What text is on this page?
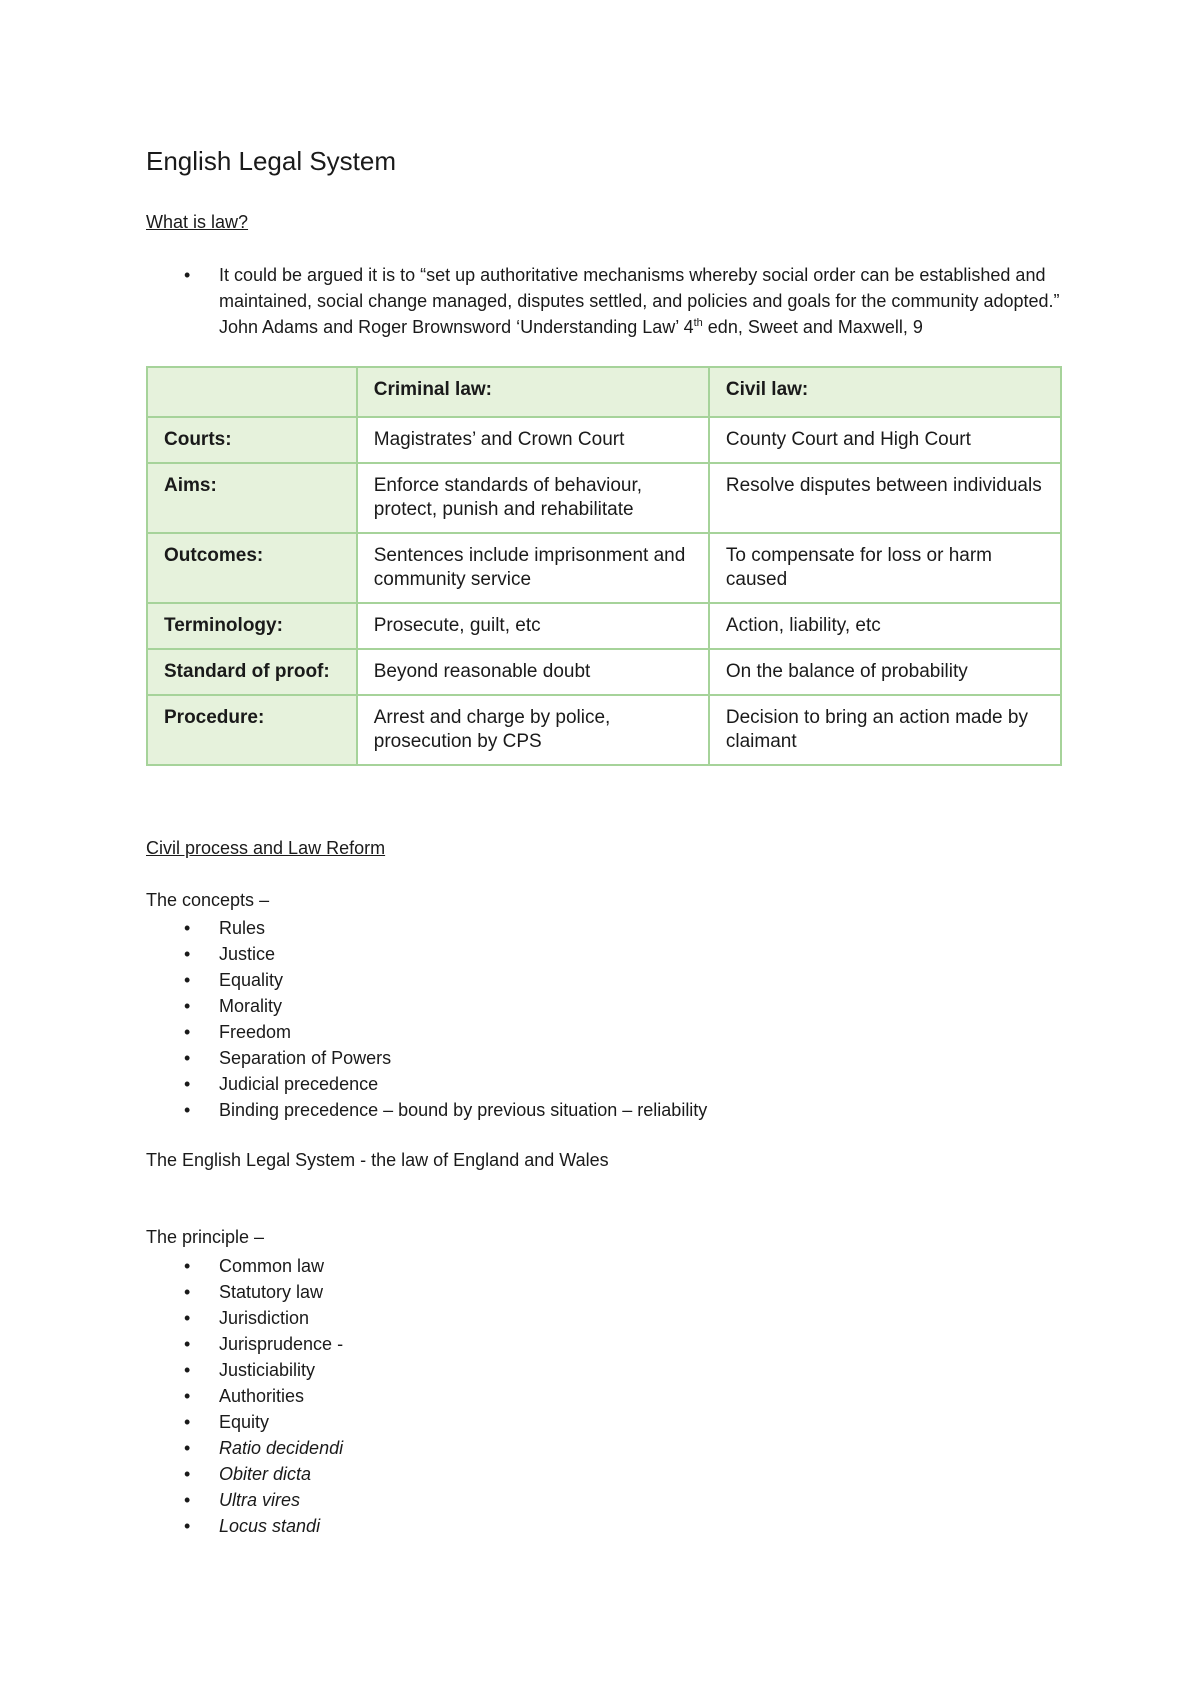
English Legal System
What is law?
• It could be argued it is to “set up authoritative mechanisms whereby social order can be established and maintained, social change managed, disputes settled, and policies and goals for the community adopted.” John Adams and Roger Brownsword ‘Understanding Law’ 4th edn, Sweet and Maxwell, 9
	Criminal law:	Civil law:
Courts:	Magistrates’ and Crown Court	County Court and High Court
Aims:	Enforce standards of behaviour, protect, punish and rehabilitate	Resolve disputes between individuals
Outcomes:	Sentences include imprisonment and community service	To compensate for loss or harm caused
Terminology:	Prosecute, guilt, etc	Action, liability, etc
Standard of proof:	Beyond reasonable doubt	On the balance of probability
Procedure:	Arrest and charge by police, prosecution by CPS	Decision to bring an action made by claimant
Civil process and Law Reform
The concepts –
• Rules
• Justice
• Equality
• Morality
• Freedom
• Separation of Powers
• Judicial precedence
• Binding precedence – bound by previous situation – reliability
The English Legal System - the law of England and Wales
The principle –
• Common law
• Statutory law
• Jurisdiction
• Jurisprudence -
• Justiciability
• Authorities
• Equity
• Ratio decidendi
• Obiter dicta
• Ultra vires
• Locus standi
